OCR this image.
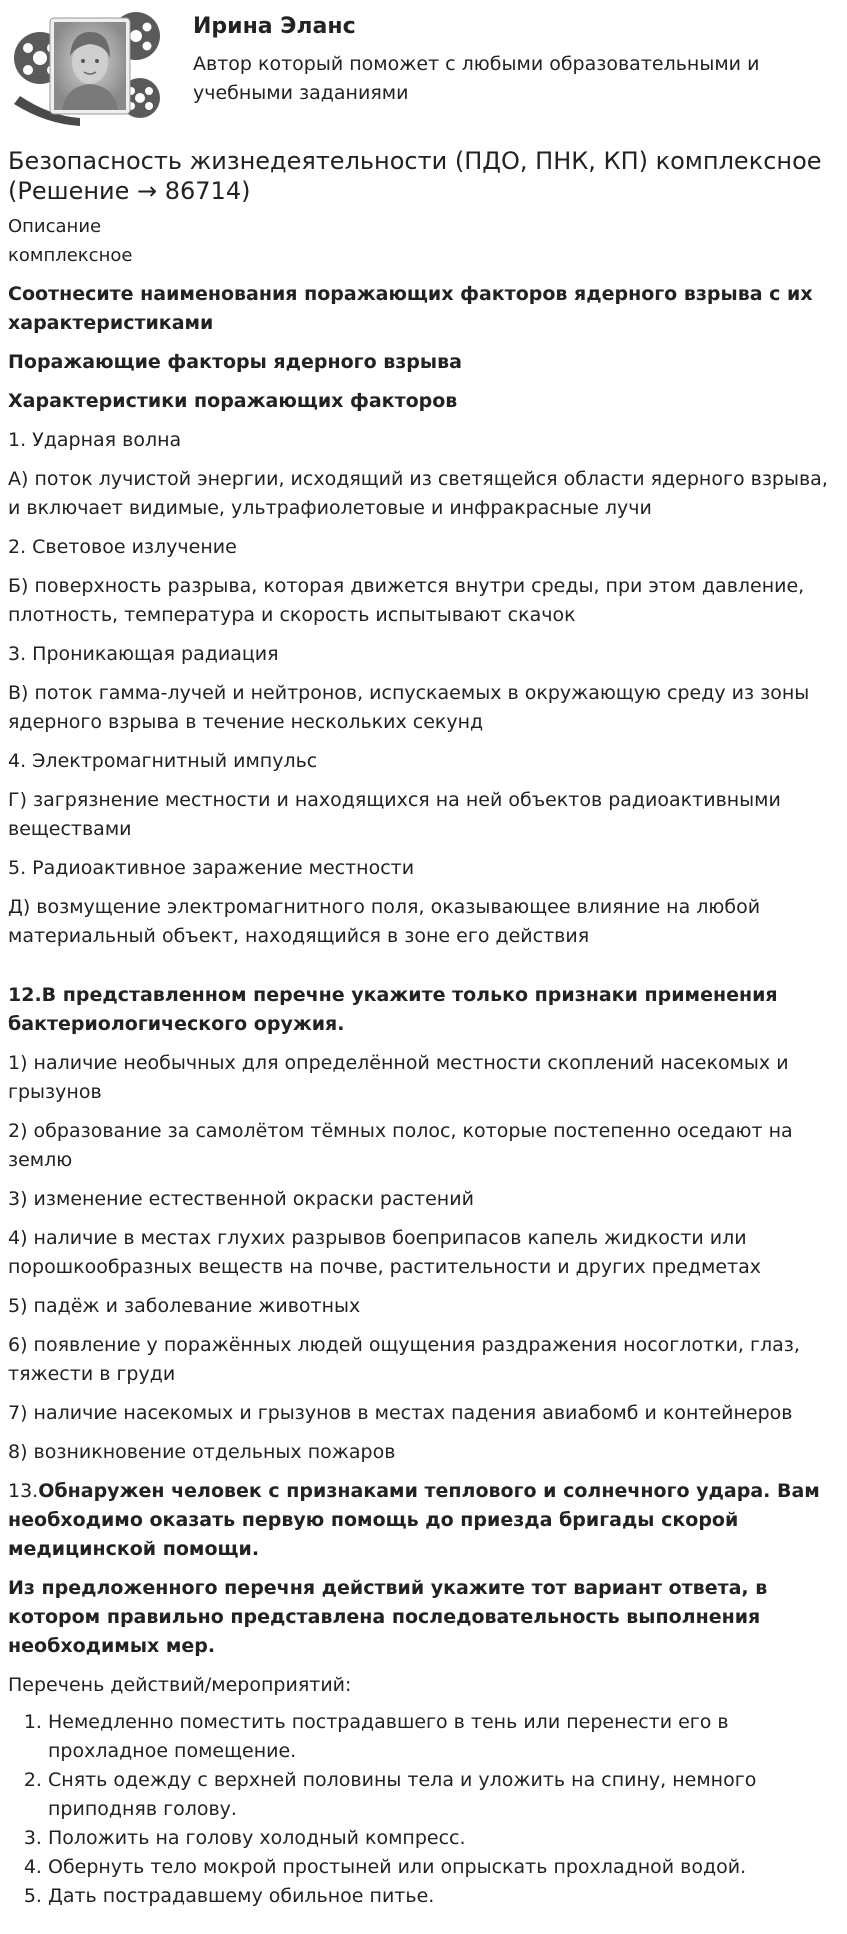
Ирина Эланс
Автор который поможет с любыми образовательными и учебными заданиями
Безопасность жизнедеятельности (ПДО, ПНК, КП) комплексное (Решение → 86714)
Описание
комплексное

Соотнесите наименования поражающих факторов ядерного взрыва с их характеристиками

Поражающие факторы ядерного взрыва

Характеристики поражающих факторов

1. Ударная волна

А) поток лучистой энергии, исходящий из светящейся области ядерного взрыва, и включает видимые, ультрафиолетовые и инфракрасные лучи

2. Световое излучение

Б) поверхность разрыва, которая движется внутри среды, при этом давление, плотность, температура и скорость испытывают скачок

3. Проникающая радиация

В) поток гамма-лучей и нейтронов, испускаемых в окружающую среду из зоны ядерного взрыва в течение нескольких секунд

4. Электромагнитный импульс

Г) загрязнение местности и находящихся на ней объектов радиоактивными веществами

5. Радиоактивное заражение местности

Д) возмущение электромагнитного поля, оказывающее влияние на любой материальный объект, находящийся в зоне его действия

12.В представленном перечне укажите только признаки применения бактериологического оружия.

1) наличие необычных для определённой местности скоплений насекомых и грызунов

2) образование за самолётом тёмных полос, которые постепенно оседают на землю

3) изменение естественной окраски растений

4) наличие в местах глухих разрывов боеприпасов капель жидкости или порошкообразных веществ на почве, растительности и других предметах

5) падёж и заболевание животных

6) появление у поражённых людей ощущения раздражения носоглотки, глаз, тяжести в груди

7) наличие насекомых и грызунов в местах падения авиабомб и контейнеров

8) возникновение отдельных пожаров

13.Обнаружен человек с признаками теплового и солнечного удара. Вам необходимо оказать первую помощь до приезда бригады скорой медицинской помощи.

Из предложенного перечня действий укажите тот вариант ответа, в котором правильно представлена последовательность выполнения необходимых мер.

Перечень действий/мероприятий:

1. Немедленно поместить пострадавшего в тень или перенести его в прохладное помещение.
2. Снять одежду с верхней половины тела и уложить на спину, немного приподняв голову.
3. Положить на голову холодный компресс.
4. Обернуть тело мокрой простыней или опрыскать прохладной водой.
5. Дать пострадавшему обильное питье.
